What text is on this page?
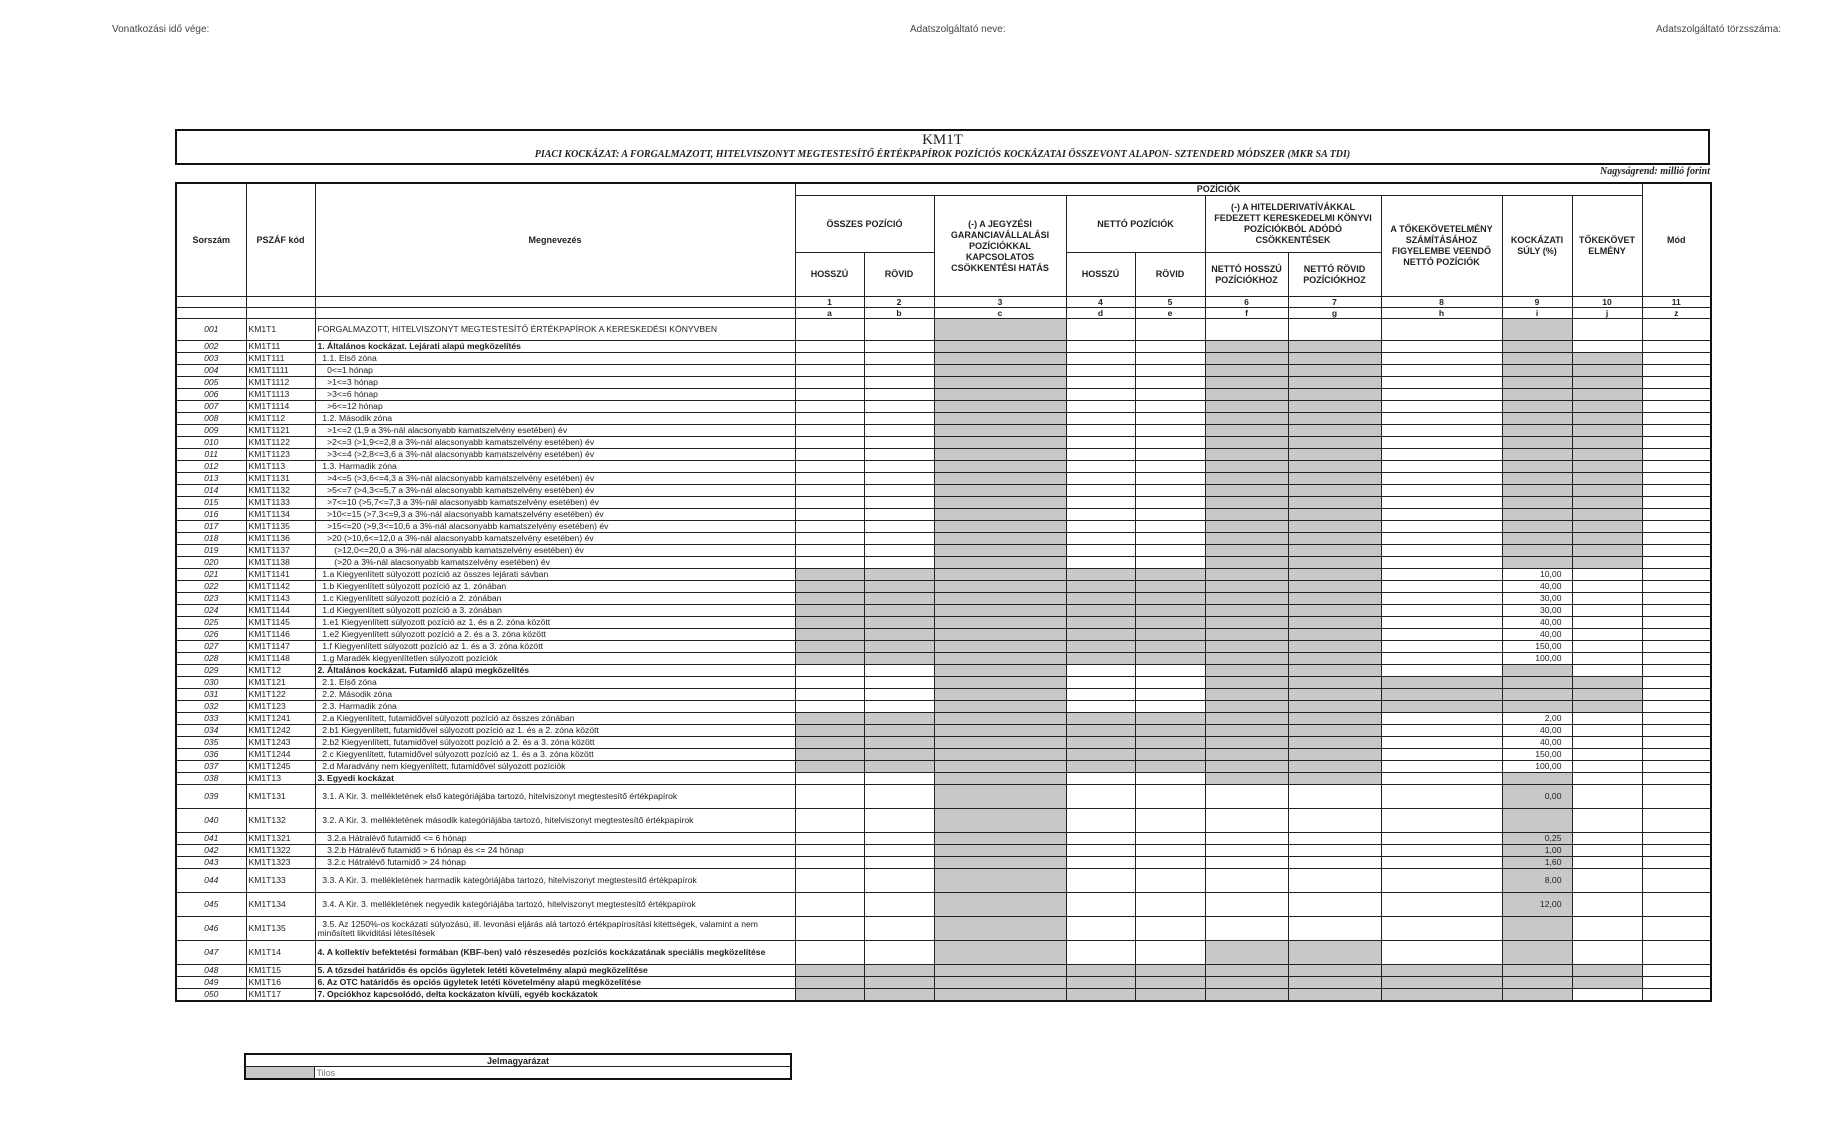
Vonatkozási idő vége:	Adatszolgáltató neve:	Adatszolgáltató törzsszáma:
KM1T
PIACI KOCKÁZAT: A FORGALMAZOTT, HITELVISZONYT MEGTESTESÍTŐ ÉRTÉKPAPÍROK POZÍCIÓS KOCKÁZATAI ÖSSZEVONT ALAPON- SZTENDERD MÓDSZER (MKR SA TDI)
Nagyságrend: millió forint
Sorszám	PSZÁF kód	Megnevezés	POZÍCIÓK										Mód
			ÖSSZES POZÍCIÓ		(-) A JEGYZÉSI GARANCIAVÁLLALÁSI POZÍCIÓKKAL KAPCSOLATOS CSÖKKENTÉSI HATÁS	NETTÓ POZÍCIÓK		(-) A HITELDERIVATÍVÁKKAL FEDEZETT KERESKEDELMI KÖNYVI POZÍCIÓKBÓL ADÓDÓ CSÖKKENTÉSEK		A TŐKEKÖVETELMÉNY SZÁMÍTÁSÁHOZ FIGYELEMBE VEENDŐ NETTÓ POZÍCIÓK	KOCKÁZATI SÚLY (%)	TŐKEKÖVET ELMÉNY	
			HOSSZÚ	RÖVID		HOSSZÚ	RÖVID	NETTÓ HOSSZÚ POZÍCIÓKHOZ	NETTÓ RÖVID POZÍCIÓKHOZ				
			1	2	3	4	5	6	7	8	9	10	11
			a	b	c	d	e	f	g	h	i	j	z
001	KM1T1	FORGALMAZOTT, HITELVISZONYT MEGTESTESÍTŐ ÉRTÉKPAPÍROK A KERESKEDÉSI KÖNYVBEN											
002	KM1T11	1. Általános kockázat. Lejárati alapú megközelítés											
003	KM1T111	1.1. Első zóna											
004	KM1T1111	0<=1 hónap											
005	KM1T1112	>1<=3 hónap											
006	KM1T1113	>3<=6 hónap											
007	KM1T1114	>6<=12 hónap											
008	KM1T112	1.2. Második zóna											
009	KM1T1121	>1<=2 (1,9 a 3%-nál alacsonyabb kamatszelvény esetében) év											
010	KM1T1122	>2<=3 (>1,9<=2,8 a 3%-nál alacsonyabb kamatszelvény esetében) év											
011	KM1T1123	>3<=4 (>2,8<=3,6 a 3%-nál alacsonyabb kamatszelvény esetében) év											
012	KM1T113	1.3. Harmadik zóna											
013	KM1T1131	>4<=5 (>3,6<=4,3 a 3%-nál alacsonyabb kamatszelvény esetében) év											
014	KM1T1132	>5<=7 (>4,3<=5,7 a 3%-nál alacsonyabb kamatszelvény esetében) év											
015	KM1T1133	>7<=10 (>5,7<=7,3 a 3%-nál alacsonyabb kamatszelvény esetében) év											
016	KM1T1134	>10<=15 (>7,3<=9,3 a 3%-nál alacsonyabb kamatszelvény esetében) év											
017	KM1T1135	>15<=20 (>9,3<=10,6 a 3%-nál alacsonyabb kamatszelvény esetében) év											
018	KM1T1136	>20 (>10,6<=12,0 a 3%-nál alacsonyabb kamatszelvény esetében) év											
019	KM1T1137	(>12,0<=20,0 a 3%-nál alacsonyabb kamatszelvény esetében) év											
020	KM1T1138	(>20 a 3%-nál alacsonyabb kamatszelvény esetében) év											
021	KM1T1141	1.a Kiegyenlített súlyozott pozíció az összes lejárati sávban									10,00		
022	KM1T1142	1.b Kiegyenlített súlyozott pozíció az 1. zónában									40,00		
023	KM1T1143	1.c Kiegyenlített súlyozott pozíció a 2. zónában									30,00		
024	KM1T1144	1.d Kiegyenlített súlyozott pozíció a 3. zónában									30,00		
025	KM1T1145	1.e1 Kiegyenlített súlyozott pozíció az 1. és a 2. zóna között									40,00		
026	KM1T1146	1.e2 Kiegyenlített súlyozott pozíció a 2. és a 3. zóna között									40,00		
027	KM1T1147	1.f Kiegyenlített súlyozott pozíció az 1. és a 3. zóna között									150,00		
028	KM1T1148	1.g Maradék kiegyenlítetlen súlyozott pozíciók									100,00		
029	KM1T12	2. Általános kockázat. Futamidő alapú megközelítés											
030	KM1T121	2.1. Első zóna											
031	KM1T122	2.2. Második zóna											
032	KM1T123	2.3. Harmadik zóna											
033	KM1T1241	2.a Kiegyenlített, futamidővel súlyozott pozíció az összes zónában									2,00		
034	KM1T1242	2.b1 Kiegyenlített, futamidővel súlyozott pozíció az 1. és a 2. zóna között									40,00		
035	KM1T1243	2.b2 Kiegyenlített, futamidővel súlyozott pozíció a 2. és a 3. zóna között									40,00		
036	KM1T1244	2.c Kiegyenlített, futamidővel súlyozott pozíció az 1. és a 3. zóna között									150,00		
037	KM1T1245	2.d Maradvány nem kiegyenlített, futamidővel súlyozott pozíciók									100,00		
038	KM1T13	3. Egyedi kockázat											
039	KM1T131	3.1. A Kir. 3. mellékletének első kategóriájába tartozó, hitelviszonyt megtestesítő értékpapírok									0,00		
040	KM1T132	3.2. A Kir. 3. mellékletének második kategóriájába tartozó, hitelviszonyt megtestesítő értékpapírok											
041	KM1T1321	3.2.a Hátralévő futamidő <= 6 hónap									0,25		
042	KM1T1322	3.2.b Hátralévő futamidő > 6 hónap és <= 24 hónap									1,00		
043	KM1T1323	3.2.c Hátralévő futamidő > 24 hónap									1,60		
044	KM1T133	3.3. A Kir. 3. mellékletének harmadik kategóriájába tartozó, hitelviszonyt megtestesítő értékpapírok									8,00		
045	KM1T134	3.4. A Kir. 3. mellékletének negyedik kategóriájába tartozó, hitelviszonyt megtestesítő értékpapírok									12,00		
046	KM1T135	3.5. Az 1250%-os kockázati súlyozású, ill. levonási eljárás alá tartozó értékpapírosítási kitettségek, valamint a nem minősített likviditási létesítések											
047	KM1T14	4. A kollektív befektetési formában (KBF-ben) való részesedés pozíciós kockázatának speciális megközelítése											
048	KM1T15	5. A tőzsdei határidős és opciós ügyletek letéti követelmény alapú megközelítése											
049	KM1T16	6. Az OTC határidős és opciós ügyletek letéti követelmény alapú megközelítése											
050	KM1T17	7. Opciókhoz kapcsolódó, delta kockázaton kívüli, egyéb kockázatok											
Jelmagyarázat
	Tilos
